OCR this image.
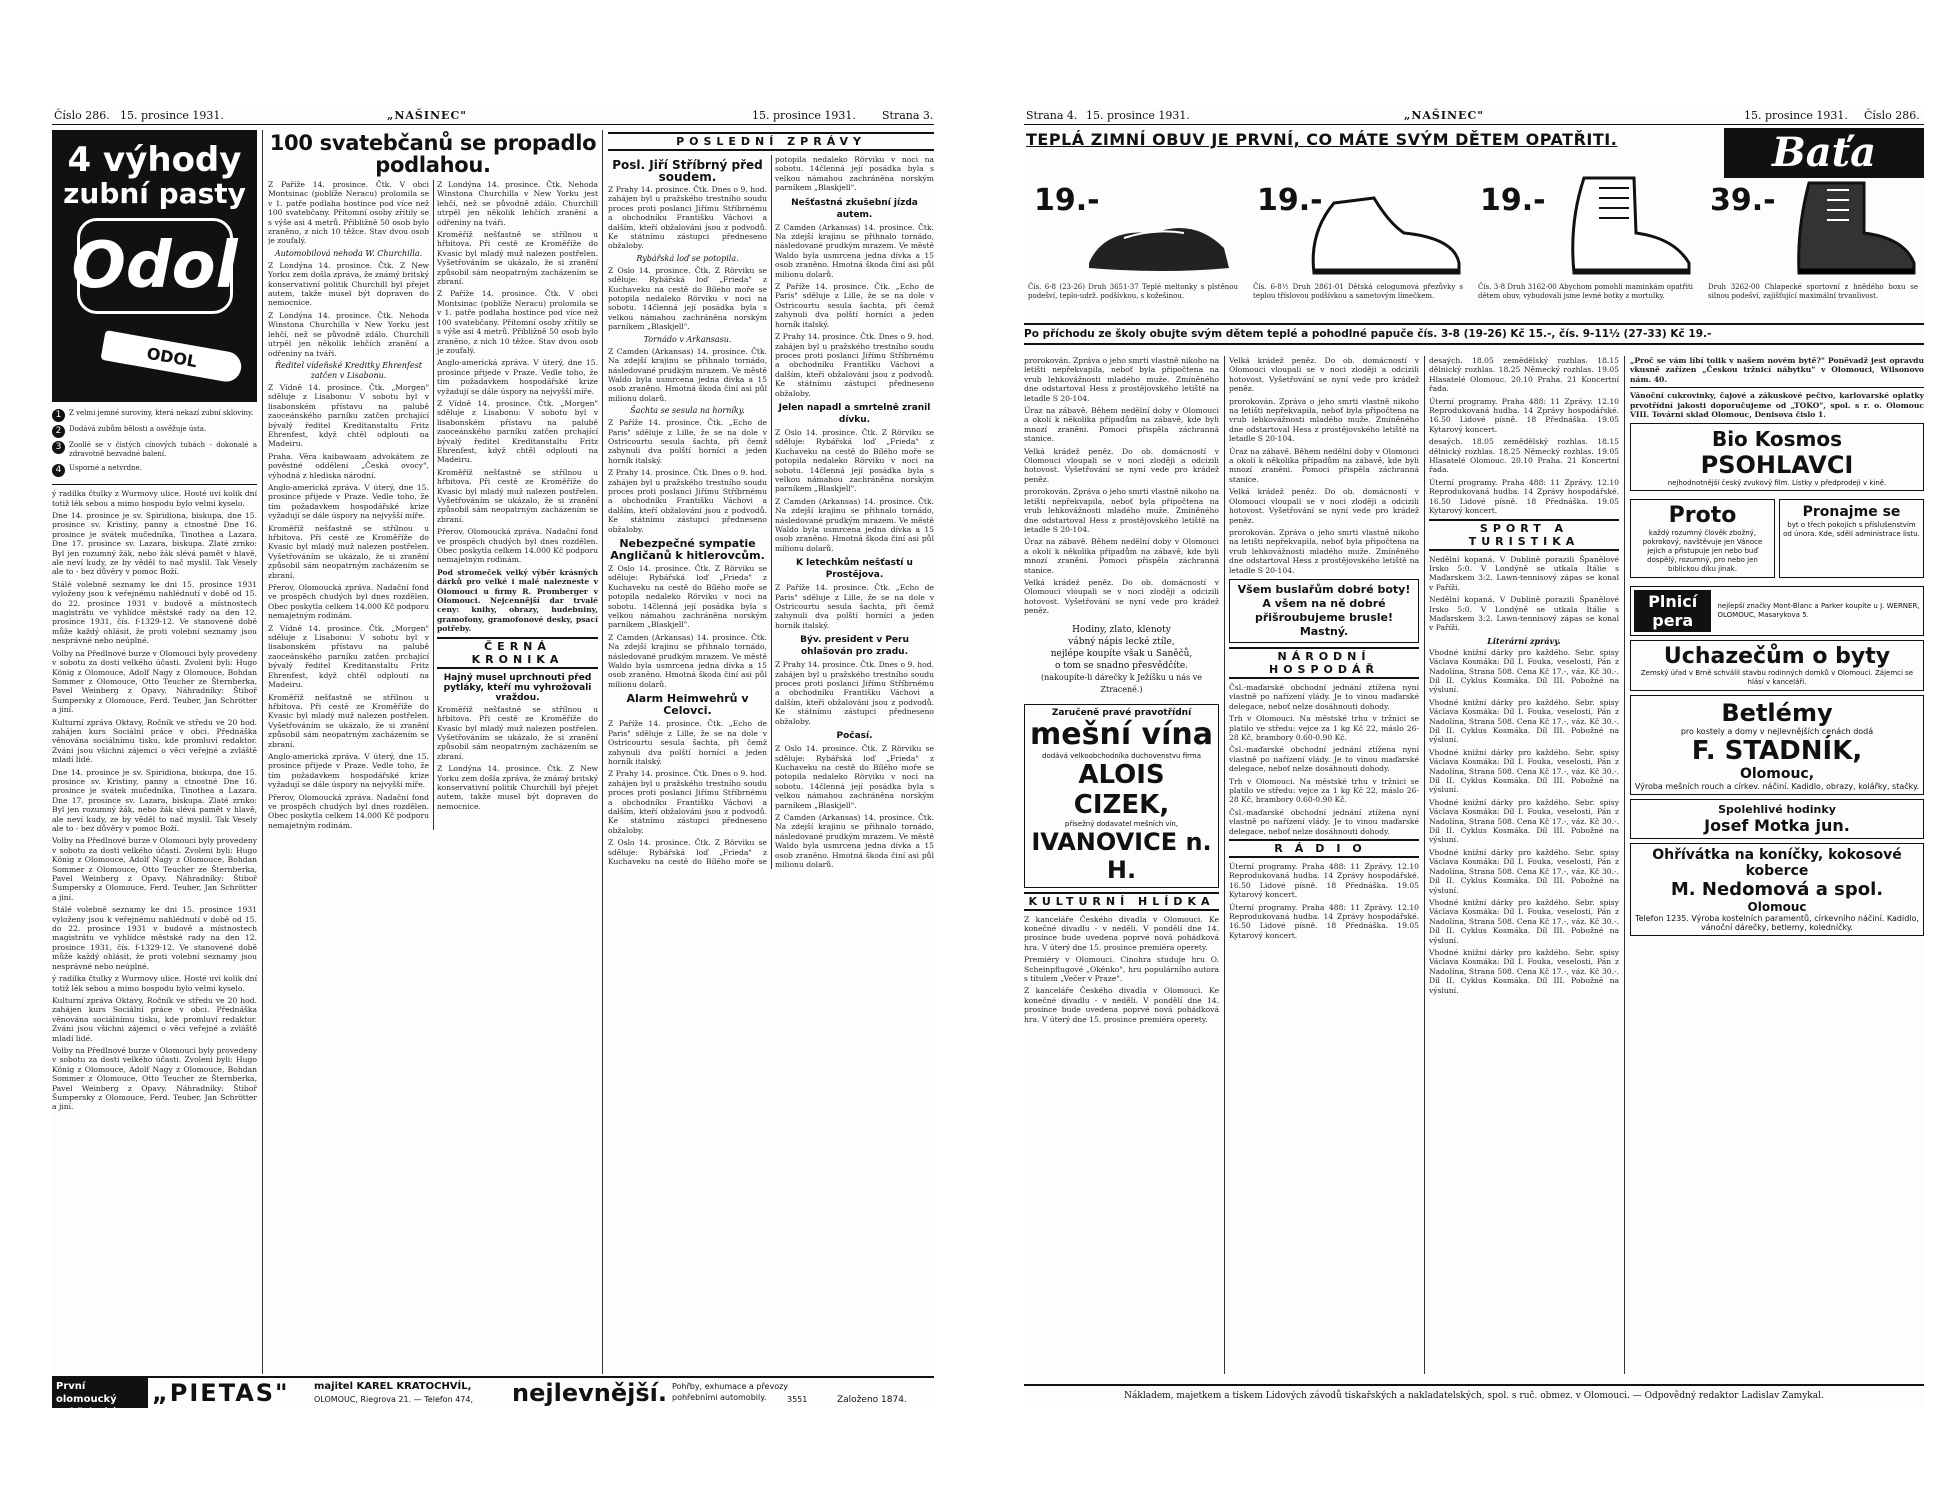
Číslo 286. 15. prosince 1931.	„NAŠINEC"	15. prosince 1931. Strana 3.
4 výhody
zubní pasty
Odol
ODOL
1	Z velmi jemné suroviny, která nekazí zubní skloviny.
2	Dodává zubům bělosti a osvěžuje ústa.
3	Zoollé se v čistých cínových tubách - dokonalé a zdravotně bezvadné balení.
4	Usporné a netvrdne.

ý radilka čtulky z Wurmovy ulice. Hosté uvi kolik dní totiž lék sebou a mimo hospodu bylo velmi kyselo.

Dne 14. prosince je sv. Spiridiona, biskupa, dne 15. prosince sv. Kristiny, panny a ctnostné Dne 16. prosince je svátek mučedníka, Tinothea a Lazara. Dne 17. prosince sv. Lazara, biskupa. Zlaté zrnko: Byl jen rozumný žák, nebo žák slévá pamět v hlavě, ale neví kudy, ze by věděl to nač myslil. Tak Vesely ale to - bez důvěry v pomoc Boží.

Stálé volebně seznamy ke dni 15. prosince 1931 vyloženy jsou k veřejnému nahlédnutí v době od 15. do 22. prosince 1931 v budově a místnostech magistrátu ve vyhlídce městské rady na den 12. prosince 1931, čís. f-1329-12. Ve stanovené době může každý ohlásit, že proti volební seznamy jsou nesprávné nebo neúplné.

Volby na Předlnové burze v Olomouci byly provedeny v sobotu za dosti velkého účasti. Zvoleni byli: Hugo König z Olomouce, Adolf Nagy z Olomouce, Bohdan Sommer z Olomouce, Otto Teucher ze Šternberka, Pavel Weinberg z Opavy. Náhradníky: Štiboř Šumpersky z Olomouce, Ferd. Teuber, Jan Schrötter a jiní.

Kulturní zpráva Oktavy, Ročník ve středu ve 20 hod. zahájen kurs Sociální práce v obci. Přednáška věnována sociálnímu tisku, kde promluví redaktor. Zváni jsou všichni zájemci o věci veřejné a zvláště mladí lidé.

Dne 14. prosince je sv. Spiridiona, biskupa, dne 15. prosince sv. Kristiny, panny a ctnostné Dne 16. prosince je svátek mučedníka, Tinothea a Lazara. Dne 17. prosince sv. Lazara, biskupa. Zlaté zrnko: Byl jen rozumný žák, nebo žák slévá pamět v hlavě, ale neví kudy, ze by věděl to nač myslil. Tak Vesely ale to - bez důvěry v pomoc Boží.

Volby na Předlnové burze v Olomouci byly provedeny v sobotu za dosti velkého účasti. Zvoleni byli: Hugo König z Olomouce, Adolf Nagy z Olomouce, Bohdan Sommer z Olomouce, Otto Teucher ze Šternberka, Pavel Weinberg z Opavy. Náhradníky: Štiboř Šumpersky z Olomouce, Ferd. Teuber, Jan Schrötter a jiní.

Stálé volebně seznamy ke dni 15. prosince 1931 vyloženy jsou k veřejnému nahlédnutí v době od 15. do 22. prosince 1931 v budově a místnostech magistrátu ve vyhlídce městské rady na den 12. prosince 1931, čís. f-1329-12. Ve stanovené době může každý ohlásit, že proti volební seznamy jsou nesprávné nebo neúplné.

ý radilka čtulky z Wurmovy ulice. Hosté uvi kolik dní totiž lék sebou a mimo hospodu bylo velmi kyselo.

Kulturní zpráva Oktavy, Ročník ve středu ve 20 hod. zahájen kurs Sociální práce v obci. Přednáška věnována sociálnímu tisku, kde promluví redaktor. Zváni jsou všichni zájemci o věci veřejné a zvláště mladí lidé.

Volby na Předlnové burze v Olomouci byly provedeny v sobotu za dosti velkého účasti. Zvoleni byli: Hugo König z Olomouce, Adolf Nagy z Olomouce, Bohdan Sommer z Olomouce, Otto Teucher ze Šternberka, Pavel Weinberg z Opavy. Náhradníky: Štiboř Šumpersky z Olomouce, Ferd. Teuber, Jan Schrötter a jiní.

100 svatebčanů se propadlo podlahou.

Z Paříže 14. prosince. Čtk. V obci Montsinac (poblíže Neracu) prolomila se v 1. patře podlaha hostince pod více než 100 svatebčany. Přítomní osoby zřítily se s výše asi 4 metrů. Přibližně 50 osob bylo zraněno, z nich 10 těžce. Stav dvou osob je zoufalý.

Automobilová nehoda W. Churchilla.

Z Londýna 14. prosince. Čtk. Z New Yorku zem došla zpráva, že známý britský konservativní politik Churchill byl přejet autem, takže musel být dopraven do nemocnice.

Z Londýna 14. prosince. Čtk. Nehoda Winstona Churchilla v New Yorku jest lehčí, než se původně zdálo. Churchill utrpěl jen několik lehčích zranění a odřeniny na tváři.

Ředitel vídeňské Kreditky Ehrenfest zatčen v Lisabonu.

Z Vídně 14. prosince. Čtk. „Morgen" sděluje z Lisabonu: V sobotu byl v lisabonském přístavu na palubě zaoceánského parníku zatčen prchající bývalý ředitel Kreditanstaltu Fritz Ehrenfest, když chtěl odplouti na Madeiru.

Praha. Věra kaibawaam advokátem ze pověstné oddělení „Česká ovocy", výhodná z hlediska národní.

Anglo-americká zpráva. V úterý, dne 15. prosince přijede v Praze. Vedle toho, že tím požadavkem hospodářské krize vyžadují se dále úspory na nejvyšší míře.

Kroměříž nešťastně se střílnou u hřbitova. Při cestě ze Kroměříže do Kvasic byl mladý muž nalezen postřelen. Vyšetřováním se ukázalo, že si zranění způsobil sám neopatrným zacházením se zbraní.

Přerov, Olomoucká zpráva. Nadační fond ve prospěch chudých byl dnes rozdělen. Obec poskytla celkem 14.000 Kč podporu nemajetným rodinám.

Z Vídně 14. prosince. Čtk. „Morgen" sděluje z Lisabonu: V sobotu byl v lisabonském přístavu na palubě zaoceánského parníku zatčen prchající bývalý ředitel Kreditanstaltu Fritz Ehrenfest, když chtěl odplouti na Madeiru.

Kroměříž nešťastně se střílnou u hřbitova. Při cestě ze Kroměříže do Kvasic byl mladý muž nalezen postřelen. Vyšetřováním se ukázalo, že si zranění způsobil sám neopatrným zacházením se zbraní.

Anglo-americká zpráva. V úterý, dne 15. prosince přijede v Praze. Vedle toho, že tím požadavkem hospodářské krize vyžadují se dále úspory na nejvyšší míře.

Přerov, Olomoucká zpráva. Nadační fond ve prospěch chudých byl dnes rozdělen. Obec poskytla celkem 14.000 Kč podporu nemajetným rodinám.

Z Londýna 14. prosince. Čtk. Nehoda Winstona Churchilla v New Yorku jest lehčí, než se původně zdálo. Churchill utrpěl jen několik lehčích zranění a odřeniny na tváři.

Kroměříž nešťastně se střílnou u hřbitova. Při cestě ze Kroměříže do Kvasic byl mladý muž nalezen postřelen. Vyšetřováním se ukázalo, že si zranění způsobil sám neopatrným zacházením se zbraní.

Z Paříže 14. prosince. Čtk. V obci Montsinac (poblíže Neracu) prolomila se v 1. patře podlaha hostince pod více než 100 svatebčany. Přítomní osoby zřítily se s výše asi 4 metrů. Přibližně 50 osob bylo zraněno, z nich 10 těžce. Stav dvou osob je zoufalý.

Anglo-americká zpráva. V úterý, dne 15. prosince přijede v Praze. Vedle toho, že tím požadavkem hospodářské krize vyžadují se dále úspory na nejvyšší míře.

Z Vídně 14. prosince. Čtk. „Morgen" sděluje z Lisabonu: V sobotu byl v lisabonském přístavu na palubě zaoceánského parníku zatčen prchající bývalý ředitel Kreditanstaltu Fritz Ehrenfest, když chtěl odplouti na Madeiru.

Kroměříž nešťastně se střílnou u hřbitova. Při cestě ze Kroměříže do Kvasic byl mladý muž nalezen postřelen. Vyšetřováním se ukázalo, že si zranění způsobil sám neopatrným zacházením se zbraní.

Přerov, Olomoucká zpráva. Nadační fond ve prospěch chudých byl dnes rozdělen. Obec poskytla celkem 14.000 Kč podporu nemajetným rodinám.

Pod stromeček velký výběr krásných dárků pro velké i malé nalezneste v Olomouci u firmy R. Promberger v Olomouci. Nejcennější dar trvalé ceny: knihy, obrazy, hudebniny, gramofony, gramofonové desky, psací potřeby.

ČERNÁ KRONIKA
Hajný musel uprchnouti před pytláky, kteří mu vyhrožovali vraždou.

Kroměříž nešťastně se střílnou u hřbitova. Při cestě ze Kroměříže do Kvasic byl mladý muž nalezen postřelen. Vyšetřováním se ukázalo, že si zranění způsobil sám neopatrným zacházením se zbraní.

Z Londýna 14. prosince. Čtk. Z New Yorku zem došla zpráva, že známý britský konservativní politik Churchill byl přejet autem, takže musel být dopraven do nemocnice.

POSLEDNÍ ZPRÁVY
Posl. Jiří Stříbrný před soudem.

Z Prahy 14. prosince. Čtk. Dnes o 9. hod. zahájen byl u pražského trestního soudu proces proti poslanci Jiřímu Stříbrnému a obchodníku Františku Váchovi a dalším, kteří obžalováni jsou z podvodů. Ke státnímu zástupci předneseno obžaloby.

Rybářská loď se potopila.

Z Oslo 14. prosince. Čtk. Z Rörviku se sděluje: Rybářská loď „Frieda" z Kuchaveku na cestě do Bílého moře se potopila nedaleko Rörviku v noci na sobotu. 14členná její posádka byla s velkou námahou zachráněna norským parníkem „Blaskjell".

Tornádo v Arkansasu.

Z Camden (Arkansas) 14. prosince. Čtk. Na zdejší krajinu se přihnalo tornádo, následované prudkým mrazem. Ve městě Waldo byla usmrcena jedna dívka a 15 osob zraněno. Hmotná škoda činí asi půl milionu dolarů.

Šachta se sesula na horníky.

Z Paříže 14. prosince. Čtk. „Echo de Paris" sděluje z Lille, že se na dole v Ostricourtu sesula šachta, při čemž zahynuli dva polští horníci a jeden horník italský.

Z Prahy 14. prosince. Čtk. Dnes o 9. hod. zahájen byl u pražského trestního soudu proces proti poslanci Jiřímu Stříbrnému a obchodníku Františku Váchovi a dalším, kteří obžalováni jsou z podvodů. Ke státnímu zástupci předneseno obžaloby.

Nebezpečné sympatie Angličanů k hitlerovcům.

Z Oslo 14. prosince. Čtk. Z Rörviku se sděluje: Rybářská loď „Frieda" z Kuchaveku na cestě do Bílého moře se potopila nedaleko Rörviku v noci na sobotu. 14členná její posádka byla s velkou námahou zachráněna norským parníkem „Blaskjell".

Z Camden (Arkansas) 14. prosince. Čtk. Na zdejší krajinu se přihnalo tornádo, následované prudkým mrazem. Ve městě Waldo byla usmrcena jedna dívka a 15 osob zraněno. Hmotná škoda činí asi půl milionu dolarů.

Alarm Heimwehrů v Celovci.

Z Paříže 14. prosince. Čtk. „Echo de Paris" sděluje z Lille, že se na dole v Ostricourtu sesula šachta, při čemž zahynuli dva polští horníci a jeden horník italský.

Z Prahy 14. prosince. Čtk. Dnes o 9. hod. zahájen byl u pražského trestního soudu proces proti poslanci Jiřímu Stříbrnému a obchodníku Františku Váchovi a dalším, kteří obžalováni jsou z podvodů. Ke státnímu zástupci předneseno obžaloby.

Z Oslo 14. prosince. Čtk. Z Rörviku se sděluje: Rybářská loď „Frieda" z Kuchaveku na cestě do Bílého moře se potopila nedaleko Rörviku v noci na sobotu. 14členná její posádka byla s velkou námahou zachráněna norským parníkem „Blaskjell".

Nešťastná zkušební jízda autem.

Z Camden (Arkansas) 14. prosince. Čtk. Na zdejší krajinu se přihnalo tornádo, následované prudkým mrazem. Ve městě Waldo byla usmrcena jedna dívka a 15 osob zraněno. Hmotná škoda činí asi půl milionu dolarů.

Z Paříže 14. prosince. Čtk. „Echo de Paris" sděluje z Lille, že se na dole v Ostricourtu sesula šachta, při čemž zahynuli dva polští horníci a jeden horník italský.

Z Prahy 14. prosince. Čtk. Dnes o 9. hod. zahájen byl u pražského trestního soudu proces proti poslanci Jiřímu Stříbrnému a obchodníku Františku Váchovi a dalším, kteří obžalováni jsou z podvodů. Ke státnímu zástupci předneseno obžaloby.

Jelen napadl a smrtelně zranil dívku.

Z Oslo 14. prosince. Čtk. Z Rörviku se sděluje: Rybářská loď „Frieda" z Kuchaveku na cestě do Bílého moře se potopila nedaleko Rörviku v noci na sobotu. 14členná její posádka byla s velkou námahou zachráněna norským parníkem „Blaskjell".

Z Camden (Arkansas) 14. prosince. Čtk. Na zdejší krajinu se přihnalo tornádo, následované prudkým mrazem. Ve městě Waldo byla usmrcena jedna dívka a 15 osob zraněno. Hmotná škoda činí asi půl milionu dolarů.

K letechkům nešťastí u Prostějova.

Z Paříže 14. prosince. Čtk. „Echo de Paris" sděluje z Lille, že se na dole v Ostricourtu sesula šachta, při čemž zahynuli dva polští horníci a jeden horník italský.

Býv. president v Peru ohlašován pro zradu.

Z Prahy 14. prosince. Čtk. Dnes o 9. hod. zahájen byl u pražského trestního soudu proces proti poslanci Jiřímu Stříbrnému a obchodníku Františku Váchovi a dalším, kteří obžalováni jsou z podvodů. Ke státnímu zástupci předneseno obžaloby.

Počasí.

Z Oslo 14. prosince. Čtk. Z Rörviku se sděluje: Rybářská loď „Frieda" z Kuchaveku na cestě do Bílého moře se potopila nedaleko Rörviku v noci na sobotu. 14členná její posádka byla s velkou námahou zachráněna norským parníkem „Blaskjell".

Z Camden (Arkansas) 14. prosince. Čtk. Na zdejší krajinu se přihnalo tornádo, následované prudkým mrazem. Ve městě Waldo byla usmrcena jedna dívka a 15 osob zraněno. Hmotná škoda činí asi půl milionu dolarů.

První olomoucký
pohřební ústav
„PIETAS" majitel KAREL KRATOCHVÍL,
OLOMOUC, Riegrova 21. — Telefon 474, nejlevnější. Pohřby, exhumace a převozy pohřebními automobily.	3551	Založeno 1874.
Strana 4. 15. prosince 1931.	„NAŠINEC"	15. prosince 1931. Číslo 286.
TEPLÁ ZIMNÍ OBUV JE PRVNÍ, CO MÁTE SVÝM DĚTEM OPATŘITI.	Baťa
19.-
Čís. 6-8 (23-26) Druh 3651-37 Teplé meltonky s plstěnou podešví, teplo-udrž. podšívkou, s kožešinou.
19.-
Čís. 6-8½ Druh 2861-01 Dětská celogumová přezůvky s teplou tříslovou podšívkou a sametovým límečkem.
19.-
Čís. 3-8 Druh 3162-00 Abychom pomohli maminkám opatřiti dětem obuv, vybudovali jsme levné botky z mortulky.
39.-
Druh 3262-00 Chlapecké sportovní z hnědého boxu se silnou podešví, zajišťující maximální trvanlivost.
Po příchodu ze školy obujte svým dětem teplé a pohodlné papuče čís. 3-8 (19-26) Kč 15.-, čís. 9-11½ (27-33) Kč 19.-

prorokován. Zpráva o jeho smrti vlastně nikoho na letišti nepřekvapila, neboť byla připočtena na vrub lehkovážnosti mladého muže. Zmíněného dne odstartoval Hess z prostějovského letiště na letadle S 20-104.

Úraz na zábavě. Během nedělní doby v Olomouci a okolí k několika případům na zábavě, kde byli mnozí zraněni. Pomoci přispěla záchranná stanice.

Velká krádež peněz. Do ob. domácností v Olomouci vloupali se v noci zloději a odcizili hotovost. Vyšetřování se nyní vede pro krádež peněz.

prorokován. Zpráva o jeho smrti vlastně nikoho na letišti nepřekvapila, neboť byla připočtena na vrub lehkovážnosti mladého muže. Zmíněného dne odstartoval Hess z prostějovského letiště na letadle S 20-104.

Úraz na zábavě. Během nedělní doby v Olomouci a okolí k několika případům na zábavě, kde byli mnozí zraněni. Pomoci přispěla záchranná stanice.

Velká krádež peněz. Do ob. domácností v Olomouci vloupali se v noci zloději a odcizili hotovost. Vyšetřování se nyní vede pro krádež peněz.

Hodiny, zlato, klenoty
vábný nápis lecké ztíle,
nejlépe koupíte však u Saněčů,
o tom se snadno přesvědčíte.
(nakoupíte-li dárečky k Ježíšku u nás ve Ztracené.)
Zaručeně pravé pravotřídní
mešní vína
dodává velkoobchodníka duchovenstvu firma
ALOIS CIZEK,
přísežný dodavatel mešních vín,
IVANOVICE n. H.
KULTURNÍ HLÍDKA

Z kanceláře Českého divadla v Olomouci. Ke konečné divadlu - v neděli. V pondělí dne 14. prosince bude uvedena poprvé nová pohádková hra. V úterý dne 15. prosince premiéra operety.

Premiéry v Olomouci. Cinohra studuje hru O. Scheinpflugové „Okénko", hru populárního autora s titulem „Večer v Praze".

Z kanceláře Českého divadla v Olomouci. Ke konečné divadlu - v neděli. V pondělí dne 14. prosince bude uvedena poprvé nová pohádková hra. V úterý dne 15. prosince premiéra operety.

Velká krádež peněz. Do ob. domácností v Olomouci vloupali se v noci zloději a odcizili hotovost. Vyšetřování se nyní vede pro krádež peněz.

prorokován. Zpráva o jeho smrti vlastně nikoho na letišti nepřekvapila, neboť byla připočtena na vrub lehkovážnosti mladého muže. Zmíněného dne odstartoval Hess z prostějovského letiště na letadle S 20-104.

Úraz na zábavě. Během nedělní doby v Olomouci a okolí k několika případům na zábavě, kde byli mnozí zraněni. Pomoci přispěla záchranná stanice.

Velká krádež peněz. Do ob. domácností v Olomouci vloupali se v noci zloději a odcizili hotovost. Vyšetřování se nyní vede pro krádež peněz.

prorokován. Zpráva o jeho smrti vlastně nikoho na letišti nepřekvapila, neboť byla připočtena na vrub lehkovážnosti mladého muže. Zmíněného dne odstartoval Hess z prostějovského letiště na letadle S 20-104.

Všem buslařům dobré boty!
A všem na ně dobré přišroubujeme brusle!
Mastný.
NÁRODNÍ HOSPODÁŘ

Čsl.-maďarské obchodní jednání ztížena nyní vlastně po nařízení vlády. Je to vinou maďarské delegace, neboť nelze dosáhnouti dohody.

Trh v Olomouci. Na městské trhu v tržnici se platilo ve středu: vejce za 1 kg Kč 22, máslo 26-28 Kč, brambory 0.60-0.90 Kč.

Čsl.-maďarské obchodní jednání ztížena nyní vlastně po nařízení vlády. Je to vinou maďarské delegace, neboť nelze dosáhnouti dohody.

Trh v Olomouci. Na městské trhu v tržnici se platilo ve středu: vejce za 1 kg Kč 22, máslo 26-28 Kč, brambory 0.60-0.90 Kč.

Čsl.-maďarské obchodní jednání ztížena nyní vlastně po nařízení vlády. Je to vinou maďarské delegace, neboť nelze dosáhnouti dohody.

RÁDIO

Úterní programy. Praha 488: 11 Zprávy. 12.10 Reprodukovaná hudba. 14 Zprávy hospodářské. 16.50 Lidové písně. 18 Přednáška. 19.05 Kytarový koncert.

Úterní programy. Praha 488: 11 Zprávy. 12.10 Reprodukovaná hudba. 14 Zprávy hospodářské. 16.50 Lidové písně. 18 Přednáška. 19.05 Kytarový koncert.

desaých. 18.05 zemědělský rozhlas. 18.15 dělnický rozhlas. 18.25 Německý rozhlas. 19.05 Hlasatelé Olomouc. 20.10 Praha. 21 Koncertní řada.

Úterní programy. Praha 488: 11 Zprávy. 12.10 Reprodukovaná hudba. 14 Zprávy hospodářské. 16.50 Lidové písně. 18 Přednáška. 19.05 Kytarový koncert.

desaých. 18.05 zemědělský rozhlas. 18.15 dělnický rozhlas. 18.25 Německý rozhlas. 19.05 Hlasatelé Olomouc. 20.10 Praha. 21 Koncertní řada.

Úterní programy. Praha 488: 11 Zprávy. 12.10 Reprodukovaná hudba. 14 Zprávy hospodářské. 16.50 Lidové písně. 18 Přednáška. 19.05 Kytarový koncert.

SPORT A TURISTIKA

Nedělní kopaná. V Dublině porazili Španělové Irsko 5:0. V Londýně se utkala Itálie s Maďarskem 3:2. Lawn-tennisový zápas se konal v Paříži.

Nedělní kopaná. V Dublině porazili Španělové Irsko 5:0. V Londýně se utkala Itálie s Maďarskem 3:2. Lawn-tennisový zápas se konal v Paříži.

Literární zprávy.

Vhodné knižní dárky pro každého. Sebr. spisy Václava Kosmáka: Díl I. Fouka, veselosti, Pán z Nadolína, Strana 508. Cena Kč 17.-, váz. Kč 30.-. Díl II. Cyklus Kosmáka. Díl III. Pobožné na výsluní.

Vhodné knižní dárky pro každého. Sebr. spisy Václava Kosmáka: Díl I. Fouka, veselosti, Pán z Nadolína, Strana 508. Cena Kč 17.-, váz. Kč 30.-. Díl II. Cyklus Kosmáka. Díl III. Pobožné na výsluní.

Vhodné knižní dárky pro každého. Sebr. spisy Václava Kosmáka: Díl I. Fouka, veselosti, Pán z Nadolína, Strana 508. Cena Kč 17.-, váz. Kč 30.-. Díl II. Cyklus Kosmáka. Díl III. Pobožné na výsluní.

Vhodné knižní dárky pro každého. Sebr. spisy Václava Kosmáka: Díl I. Fouka, veselosti, Pán z Nadolína, Strana 508. Cena Kč 17.-, váz. Kč 30.-. Díl II. Cyklus Kosmáka. Díl III. Pobožné na výsluní.

Vhodné knižní dárky pro každého. Sebr. spisy Václava Kosmáka: Díl I. Fouka, veselosti, Pán z Nadolína, Strana 508. Cena Kč 17.-, váz. Kč 30.-. Díl II. Cyklus Kosmáka. Díl III. Pobožné na výsluní.

Vhodné knižní dárky pro každého. Sebr. spisy Václava Kosmáka: Díl I. Fouka, veselosti, Pán z Nadolína, Strana 508. Cena Kč 17.-, váz. Kč 30.-. Díl II. Cyklus Kosmáka. Díl III. Pobožné na výsluní.

Vhodné knižní dárky pro každého. Sebr. spisy Václava Kosmáka: Díl I. Fouka, veselosti, Pán z Nadolína, Strana 508. Cena Kč 17.-, váz. Kč 30.-. Díl II. Cyklus Kosmáka. Díl III. Pobožné na výsluní.

„Proč se vám líbí tolik v našem novém bytě?" Poněvadž jest opravdu vkusně zařízen „Českou tržnicí nábytku" v Olomouci, Wilsonovo nám. 40.

Vánoční cukrovinky, čajové a zákuskové pečivo, karlovarské oplatky prvotřídní jakosti doporučujeme od „TOKO", spol. s r. o. Olomouc VIII. Továrni sklad Olomouc, Denisova čislo 1.

Bio Kosmos
PSOHLAVCI
nejhodnotnější český zvukový film. Lístky v předprodeji v kině.
Proto
každý rozumný člověk zbožný, pokrokový, navštěvuje jen Vánoce jejich a přistupuje jen nebo buď dospělý, rozumný, pro nebo jen biblickou díku jinak.
Pronajme se
byt o třech pokojích s příslušenstvím od února. Kde, sdělí administrace listu.
Plnicí pera
nejlepší značky Mont-Blanc a Parker koupíte u J. WERNER, OLOMOUC, Masarykova 5.
Uchazečům o byty
Zemský úřad v Brně schválil stavbu rodinných domků v Olomouci. Zájemci se hlásí v kanceláři.
Betlémy
pro kostely a domy v nejlevnějších cenách dodá
F. STADNÍK,
Olomouc,
Výroba mešních rouch a církev. náčiní. Kadidlo, obrazy, kolářky, stačky.
Spolehlivé hodinky
Josef Motka jun.
Ohřívátka na koníčky, kokosové koberce
M. Nedomová a spol.
Olomouc
Telefon 1235. Výroba kostelních paramentů, církevního náčiní. Kadidlo, vánoční dárečky, betlemy, koledníčky.
Nákladem, majetkem a tiskem Lidových závodů tiskařských a nakladatelských, spol. s ruč. obmez. v Olomouci. — Odpovědný redaktor Ladislav Zamykal.
